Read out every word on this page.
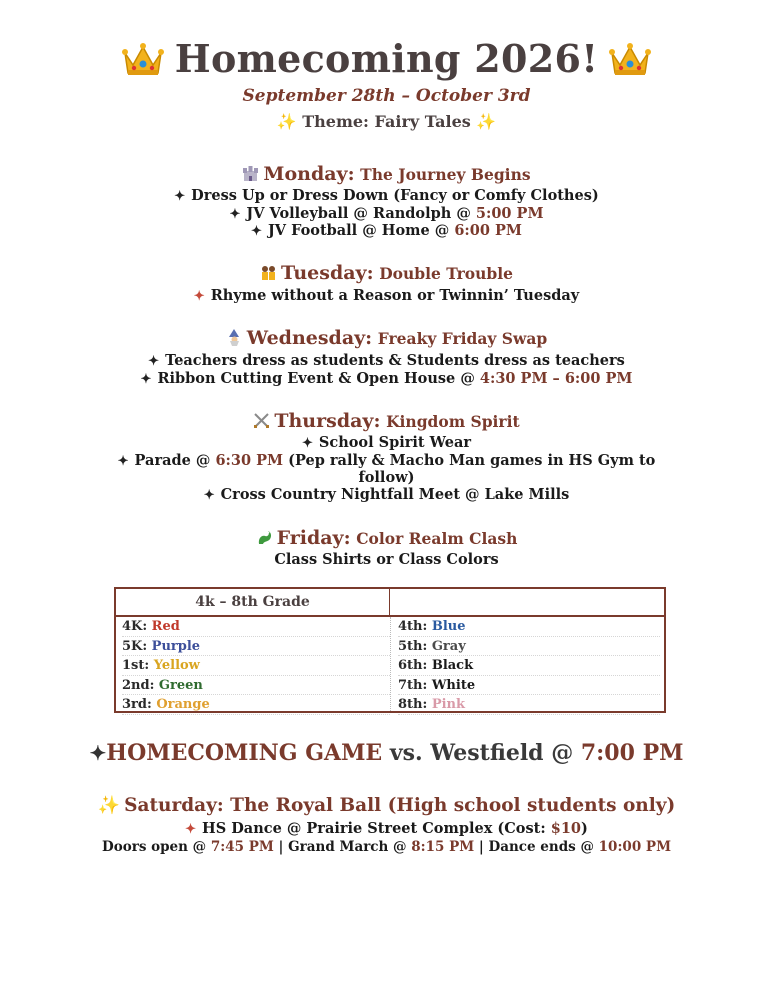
Homecoming 2026!
September 28th – October 3rd
✨ Theme: Fairy Tales ✨
Monday: The Journey Begins
✦ Dress Up or Dress Down (Fancy or Comfy Clothes)
✦ JV Volleyball @ Randolph @ 5:00 PM
✦ JV Football @ Home @ 6:00 PM
Tuesday: Double Trouble
✦ Rhyme without a Reason or Twinnin’ Tuesday
Wednesday: Freaky Friday Swap
✦ Teachers dress as students & Students dress as teachers
✦ Ribbon Cutting Event & Open House @ 4:30 PM – 6:00 PM
Thursday: Kingdom Spirit
✦ School Spirit Wear
✦ Parade @ 6:30 PM (Pep rally & Macho Man games in HS Gym to
follow)
✦ Cross Country Nightfall Meet @ Lake Mills
Friday: Color Realm Clash
Class Shirts or Class Colors
4k – 8th Grade
4K: Red
5K: Purple
1st: Yellow
2nd: Green
3rd: Orange
4th: Blue
5th: Gray
6th: Black
7th: White
8th: Pink
✦HOMECOMING GAME vs. Westfield @ 7:00 PM
✨ Saturday: The Royal Ball (High school students only)
✦ HS Dance @ Prairie Street Complex (Cost: $10)
Doors open @ 7:45 PM | Grand March @ 8:15 PM | Dance ends @ 10:00 PM
